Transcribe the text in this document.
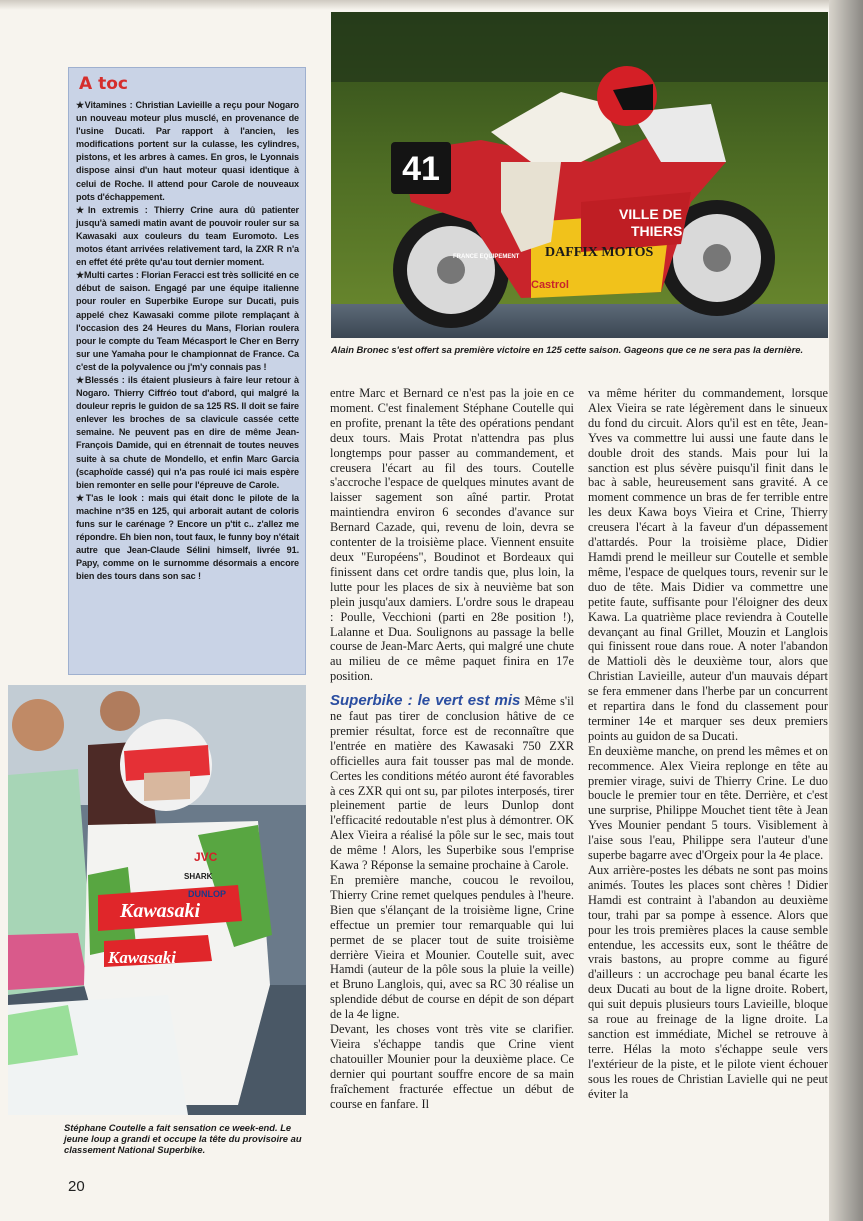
A toc

★Vitamines : Christian Lavieille a reçu pour Nogaro un nouveau moteur plus musclé, en provenance de l'usine Ducati. Par rapport à l'ancien, les modifications portent sur la culasse, les cylindres, pistons, et les arbres à cames. En gros, le Lyonnais dispose ainsi d'un haut moteur quasi identique à celui de Roche. Il attend pour Carole de nouveaux pots d'échappement.

★In extremis : Thierry Crine aura dû patienter jusqu'à samedi matin avant de pouvoir rouler sur sa Kawasaki aux couleurs du team Euromoto. Les motos étant arrivées relativement tard, la ZXR R n'a en effet été prête qu'au tout dernier moment.

★Multi cartes : Florian Feracci est très sollicité en ce début de saison. Engagé par une équipe italienne pour rouler en Superbike Europe sur Ducati, puis appelé chez Kawasaki comme pilote remplaçant à l'occasion des 24 Heures du Mans, Florian roulera pour le compte du Team Mécasport le Cher en Berry sur une Yamaha pour le championnat de France. Ca c'est de la polyvalence ou j'm'y connais pas !

★Blessés : ils étaient plusieurs à faire leur retour à Nogaro. Thierry Ciffréo tout d'abord, qui malgré la douleur repris le guidon de sa 125 RS. Il doit se faire enlever les broches de sa clavicule cassée cette semaine. Ne peuvent pas en dire de même Jean-François Damide, qui en étrennait de toutes neuves suite à sa chute de Mondello, et enfin Marc Garcia (scaphoïde cassé) qui n'a pas roulé ici mais espère bien remonter en selle pour l'épreuve de Carole.

★T'as le look : mais qui était donc le pilote de la machine n°35 en 125, qui arborait autant de coloris funs sur le carénage ? Encore un p'tit c.. z'allez me répondre. Eh bien non, tout faux, le funny boy n'était autre que Jean-Claude Sélini himself, livrée 91. Papy, comme on le surnomme désormais a encore bien des tours dans son sac !

41
VILLE DE
THIERS
DAFFIX MOTOS
Castrol
FRANCE EQUIPEMENT
Alain Bronec s'est offert sa première victoire en 125 cette saison. Gageons que ce ne sera pas la dernière.
JVC
DUNLOP
Kawasaki
Kawasaki
SHARK
Stéphane Coutelle a fait sensation ce week-end. Le jeune loup a grandi et occupe la tête du provisoire au classement National Superbike.

entre Marc et Bernard ce n'est pas la joie en ce moment. C'est finalement Stéphane Coutelle qui en profite, prenant la tête des opérations pendant deux tours. Mais Protat n'attendra pas plus longtemps pour passer au commandement, et creusera l'écart au fil des tours. Coutelle s'accroche l'espace de quelques minutes avant de laisser sagement son aîné partir. Protat maintiendra environ 6 secondes d'avance sur Bernard Cazade, qui, revenu de loin, devra se contenter de la troisième place. Viennent ensuite deux "Européens", Boudinot et Bordeaux qui finissent dans cet ordre tandis que, plus loin, la lutte pour les places de six à neuvième bat son plein jusqu'aux damiers. L'ordre sous le drapeau : Poulle, Vecchioni (parti en 28e position !), Lalanne et Dua. Soulignons au passage la belle course de Jean-Marc Aerts, qui malgré une chute au milieu de ce même paquet finira en 17e position.

Superbike : le vert est mis Même s'il ne faut pas tirer de conclusion hâtive de ce premier résultat, force est de reconnaître que l'entrée en matière des Kawasaki 750 ZXR officielles aura fait tousser pas mal de monde. Certes les conditions météo auront été favorables à ces ZXR qui ont su, par pilotes interposés, tirer pleinement partie de leurs Dunlop dont l'efficacité redoutable n'est plus à démontrer. OK Alex Vieira a réalisé la pôle sur le sec, mais tout de même ! Alors, les Superbike sous l'emprise Kawa ? Réponse la semaine prochaine à Carole.

En première manche, coucou le revoilou, Thierry Crine remet quelques pendules à l'heure. Bien que s'élançant de la troisième ligne, Crine effectue un premier tour remarquable qui lui permet de se placer tout de suite troisième derrière Vieira et Mounier. Coutelle suit, avec Hamdi (auteur de la pôle sous la pluie la veille) et Bruno Langlois, qui, avec sa RC 30 réalise un splendide début de course en dépit de son départ de la 4e ligne.

Devant, les choses vont très vite se clarifier. Vieira s'échappe tandis que Crine vient chatouiller Mounier pour la deuxième place. Ce dernier qui pourtant souffre encore de sa main fraîchement fracturée effectue un début de course en fanfare. Il

va même hériter du commandement, lorsque Alex Vieira se rate légèrement dans le sinueux du fond du circuit. Alors qu'il est en tête, Jean-Yves va commettre lui aussi une faute dans le double droit des stands. Mais pour lui la sanction est plus sévère puisqu'il finit dans le bac à sable, heureusement sans gravité. A ce moment commence un bras de fer terrible entre les deux Kawa boys Vieira et Crine, Thierry creusera l'écart à la faveur d'un dépassement d'attardés. Pour la troisième place, Didier Hamdi prend le meilleur sur Coutelle et semble même, l'espace de quelques tours, revenir sur le duo de tête. Mais Didier va commettre une petite faute, suffisante pour l'éloigner des deux Kawa. La quatrième place reviendra à Coutelle devançant au final Grillet, Mouzin et Langlois qui finissent roue dans roue. A noter l'abandon de Mattioli dès le deuxième tour, alors que Christian Lavieille, auteur d'un mauvais départ se fera emmener dans l'herbe par un concurrent et repartira dans le fond du classement pour terminer 14e et marquer ses deux premiers points au guidon de sa Ducati.

En deuxième manche, on prend les mêmes et on recommence. Alex Vieira replonge en tête au premier virage, suivi de Thierry Crine. Le duo boucle le premier tour en tête. Derrière, et c'est une surprise, Philippe Mouchet tient tête à Jean Yves Mounier pendant 5 tours. Visiblement à l'aise sous l'eau, Philippe sera l'auteur d'une superbe bagarre avec d'Orgeix pour la 4e place.

Aux arrière-postes les débats ne sont pas moins animés. Toutes les places sont chères ! Didier Hamdi est contraint à l'abandon au deuxième tour, trahi par sa pompe à essence. Alors que pour les trois premières places la cause semble entendue, les accessits eux, sont le théâtre de vrais bastons, au propre comme au figuré d'ailleurs : un accrochage peu banal écarte les deux Ducati au bout de la ligne droite. Robert, qui suit depuis plusieurs tours Lavieille, bloque sa roue au freinage de la ligne droite. La sanction est immédiate, Michel se retrouve à terre. Hélas la moto s'échappe seule vers l'extérieur de la piste, et le pilote vient échouer sous les roues de Christian Lavielle qui ne peut éviter la

20
